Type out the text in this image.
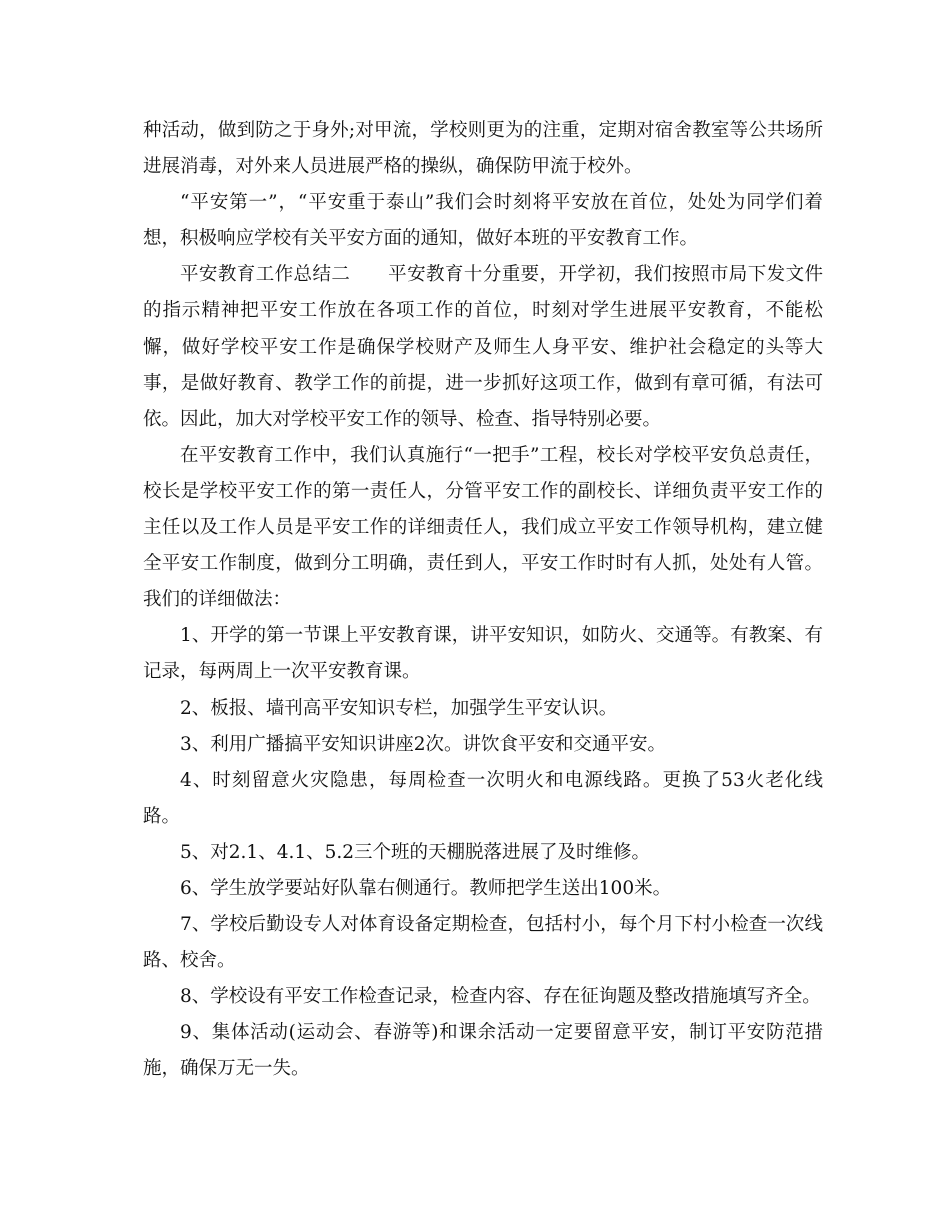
种活动，做到防之于身外;对甲流，学校则更为的注重，定期对宿舍教室等公共场所进展消毒，对外来人员进展严格的操纵，确保防甲流于校外。

“平安第一”，“平安重于泰山”我们会时刻将平安放在首位，处处为同学们着想，积极响应学校有关平安方面的通知，做好本班的平安教育工作。

平安教育工作总结二　　平安教育十分重要，开学初，我们按照市局下发文件的指示精神把平安工作放在各项工作的首位，时刻对学生进展平安教育，不能松懈，做好学校平安工作是确保学校财产及师生人身平安、维护社会稳定的头等大事，是做好教育、教学工作的前提，进一步抓好这项工作，做到有章可循，有法可依。因此，加大对学校平安工作的领导、检查、指导特别必要。

在平安教育工作中，我们认真施行“一把手”工程，校长对学校平安负总责任，校长是学校平安工作的第一责任人，分管平安工作的副校长、详细负责平安工作的主任以及工作人员是平安工作的详细责任人，我们成立平安工作领导机构，建立健全平安工作制度，做到分工明确，责任到人，平安工作时时有人抓，处处有人管。我们的详细做法：

1、开学的第一节课上平安教育课，讲平安知识，如防火、交通等。有教案、有记录，每两周上一次平安教育课。

2、板报、墙刊高平安知识专栏，加强学生平安认识。

3、利用广播搞平安知识讲座2次。讲饮食平安和交通平安。

4、时刻留意火灾隐患，每周检查一次明火和电源线路。更换了53火老化线路。

5、对2.1、4.1、5.2三个班的天棚脱落进展了及时维修。

6、学生放学要站好队靠右侧通行。教师把学生送出100米。

7、学校后勤设专人对体育设备定期检查，包括村小，每个月下村小检查一次线路、校舍。

8、学校设有平安工作检查记录，检查内容、存在征询题及整改措施填写齐全。

9、集体活动(运动会、春游等)和课余活动一定要留意平安，制订平安防范措施，确保万无一失。
